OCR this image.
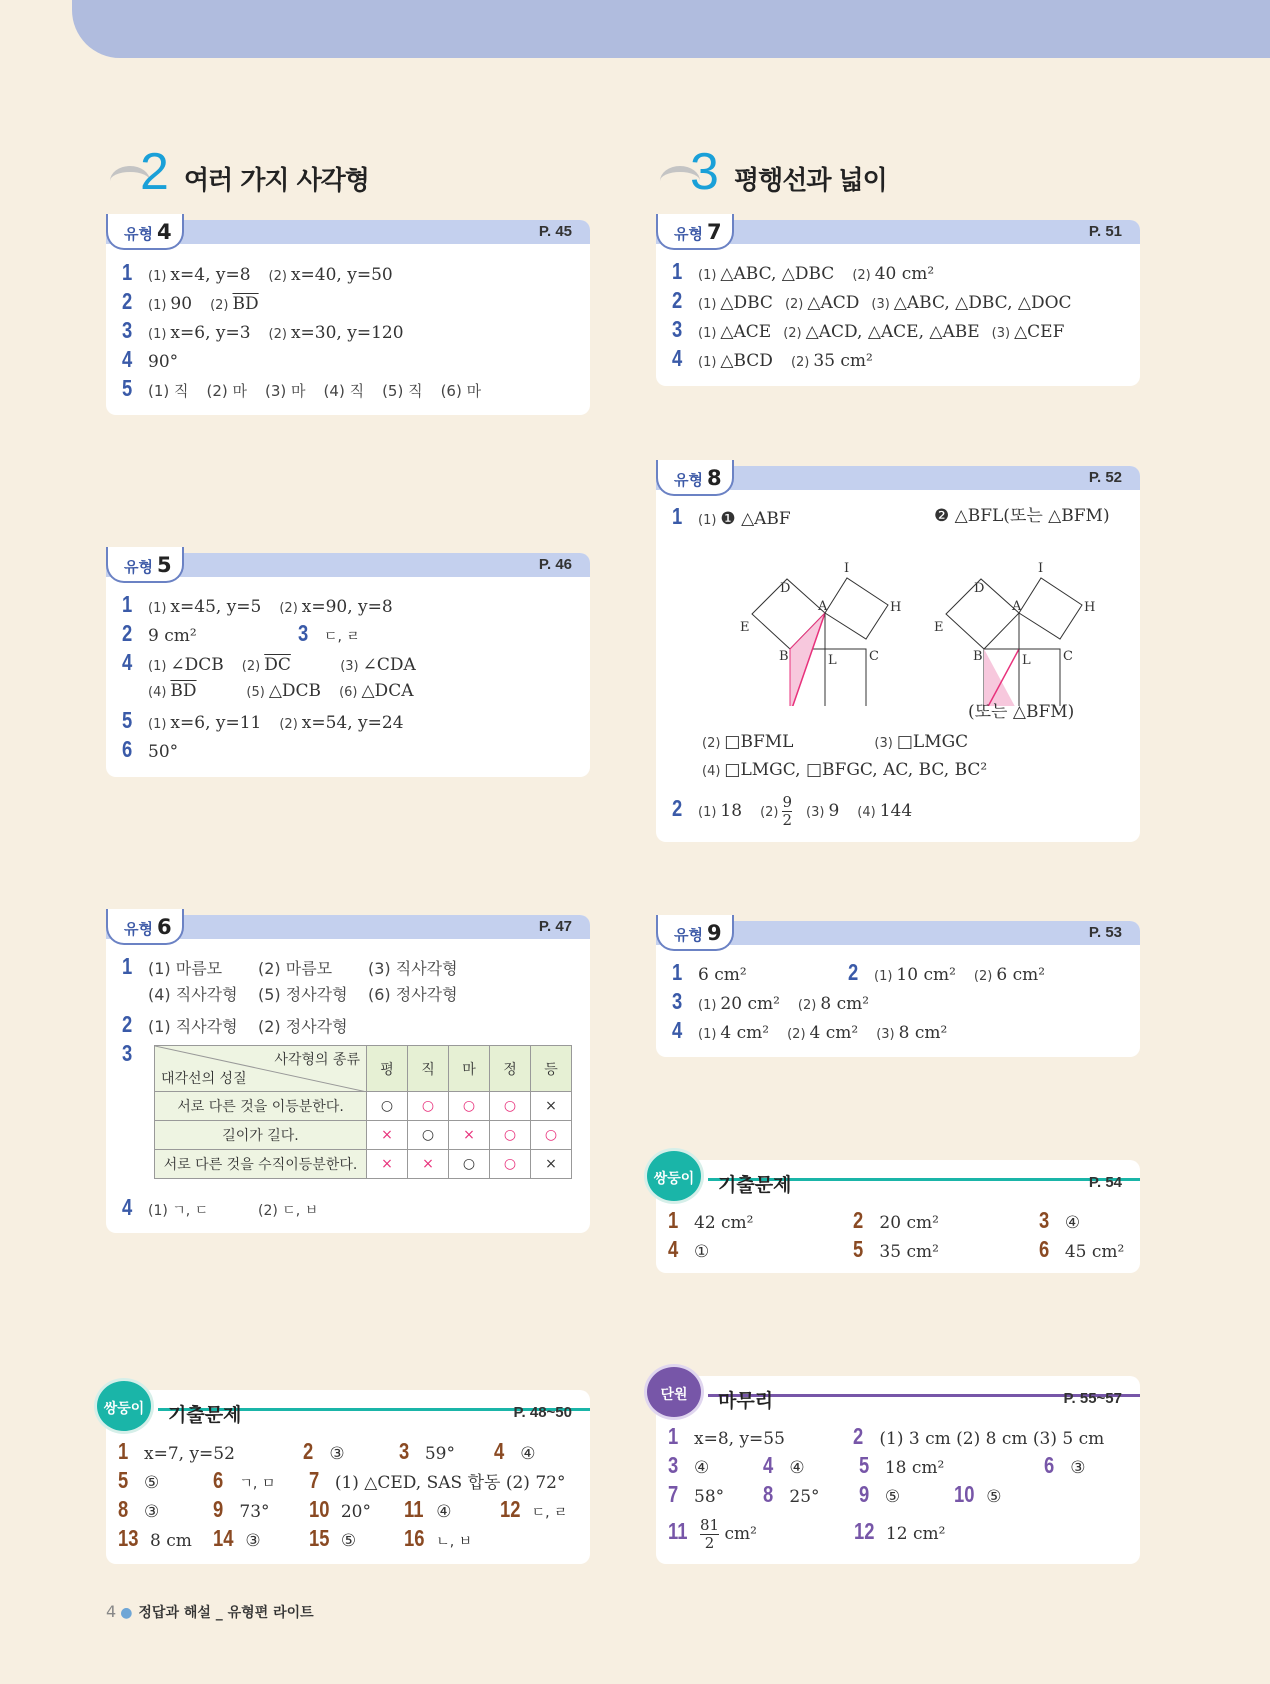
2 여러 가지 사각형	3 평행선과 넓이
유형 4	P. 45
1 (1) x=4, y=8 (2) x=40, y=50
2 (1) 90 (2) $\overline{BD}$
3 (1) x=6, y=3 (2) x=30, y=120
4 90°
5 (1) 직 (2) 마 (3) 마 (4) 직 (5) 직 (6) 마
유형 5	P. 46
1 (1) x=45, y=5 (2) x=90, y=8
2 9 cm²	3 ㄷ, ㄹ
4 (1) ∠DCB (2) $\overline{DC}$	(3) ∠CDA
(4) $\overline{BD}$	(5) △DCB (6) △DCA
5 (1) x=6, y=11 (2) x=54, y=24
6 50°
유형 6	P. 47
1 (1) 마름모 (2) 마름모 (3) 직사각형
(4) 직사각형 (5) 정사각형 (6) 정사각형
2 (1) 직사각형 (2) 정사각형
3	사각형의 종류
대각선의 성질	평	직	마	정	등
서로 다른 것을 이등분한다.	○	○	○	○	×
길이가 길다.	×	○	×	○	○
서로 다른 것을 수직이등분한다.	×	×	○	○	×
4 (1) ㄱ, ㄷ	(2) ㄷ, ㅂ
쌍둥이	기출문제	P. 48~50
1 x=7, y=52	2 ③ 3 59° 4 ④
5 ⑤ 6 ㄱ, ㅁ 7 (1) △CED, SAS 합동 (2) 72°
8 ③ 9 73° 10 20° 11 ④ 12 ㄷ, ㄹ
13 8 cm 14 ③ 15 ⑤ 16 ㄴ, ㅂ
유형 7	P. 51
1 (1) △ABC, △DBC (2) 40 cm²
2 (1) △DBC (2) △ACD (3) △ABC, △DBC, △DOC
3 (1) △ACE (2) △ACD, △ACE, △ABE (3) △CEF
4 (1) △BCD (2) 35 cm²
유형 8	P. 52
1 (1) ❶ △ABF	❷ △BFL(또는 △BFM)
D
I
A	H
E
B	L C
D
I
A	H
E
B	L C
(또는 △BFM)
(2) □BFML	(3) □LMGC
(4) □LMGC, □BFGC, AC, BC, BC²
2 (1) 18 $(2) \frac{9}{2} (3)$ 9 (4) 144
유형 9	P. 53
1 6 cm²	2 (1) 10 cm² (2) 6 cm²
3 (1) 20 cm² (2) 8 cm²
4 (1) 4 cm² (2) 4 cm² (3) 8 cm²
쌍둥이	기출문제	P. 54
1 42 cm²	2 20 cm²	3 ④
4 ①	5 35 cm²	6 45 cm²
단원	마무리	P. 55~57
1 x=8, y=55	2 (1) 3 cm (2) 8 cm (3) 5 cm
3 ④ 4 ④ 5 18 cm²	6 ③
7 58° 8 25° 9 ⑤ 10 ⑤
$11 \frac{81}{2} cm^2$	12 12 cm²
4 ● 정답과 해설 _ 유형편 라이트
